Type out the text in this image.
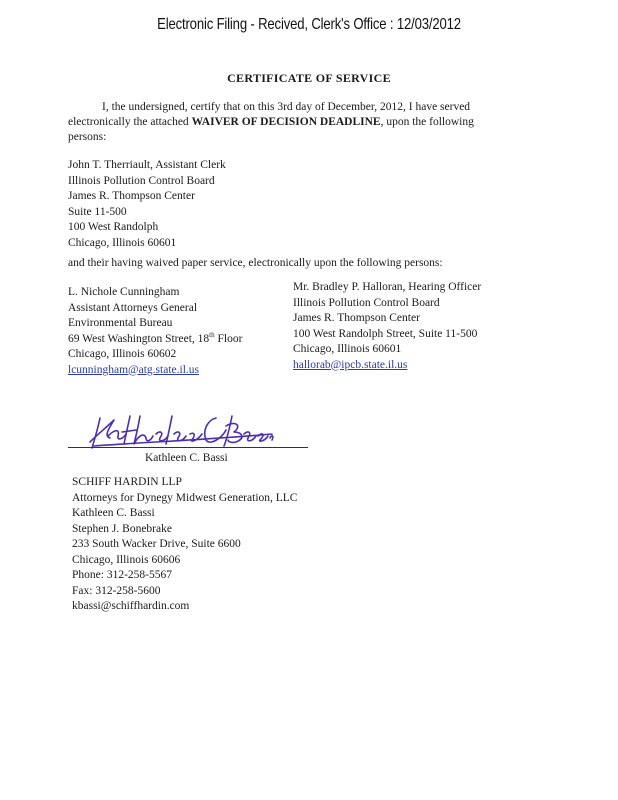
Electronic Filing - Recived, Clerk's Office : 12/03/2012
CERTIFICATE OF SERVICE
I, the undersigned, certify that on this 3rd day of December, 2012, I have served
electronically the attached WAIVER OF DECISION DEADLINE, upon the following
persons:
John T. Therriault, Assistant Clerk
Illinois Pollution Control Board
James R. Thompson Center
Suite 11-500
100 West Randolph
Chicago, Illinois 60601
and their having waived paper service, electronically upon the following persons:
L. Nichole Cunningham
Assistant Attorneys General
Environmental Bureau
69 West Washington Street, 18th Floor
Chicago, Illinois 60602
lcunningham@atg.state.il.us
Mr. Bradley P. Halloran, Hearing Officer
Illinois Pollution Control Board
James R. Thompson Center
100 West Randolph Street, Suite 11-500
Chicago, Illinois 60601
hallorab@ipcb.state.il.us
Kathleen C. Bassi
SCHIFF HARDIN LLP
Attorneys for Dynegy Midwest Generation, LLC
Kathleen C. Bassi
Stephen J. Bonebrake
233 South Wacker Drive, Suite 6600
Chicago, Illinois 60606
Phone: 312-258-5567
Fax: 312-258-5600
kbassi@schiffhardin.com
